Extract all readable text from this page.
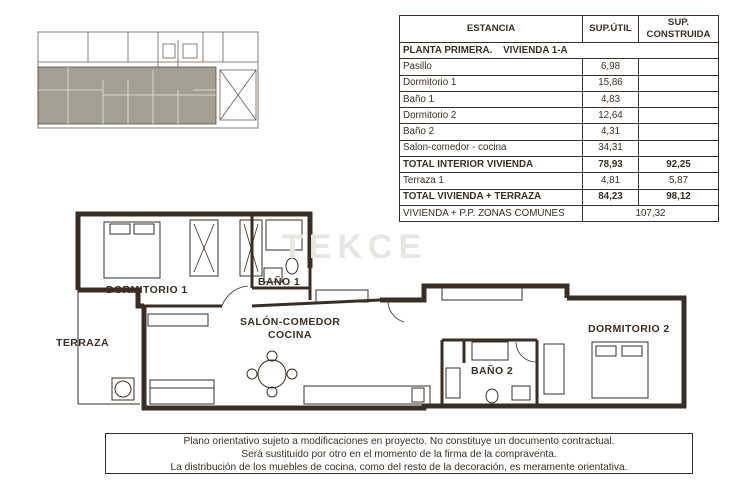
ESTANCIA	SUP.ÚTIL	SUP.
CONSTRUIDA

PLANTA PRIMERA.    VIVIENDA 1-A		
Pasillo	6,98	
Dormitorio 1	15,86	
Baño 1	4,83	
Dormitorio 2	12,64	
Baño 2	4,31	
Salon-comedor - cocina	34,31	
TOTAL INTERIOR VIVIENDA	78,93	92,25
Terraza 1	4,81	5,87
TOTAL VIVIENDA + TERRAZA	84,23	98,12
VIVIENDA + P.P. ZONAS COMUNES	107,32	
TEKCE
DORMITORIO 1
BAÑO 1
SALÓN-COMEDOR
COCINA
TERRAZA
BAÑO 2
DORMITORIO 2
Plano orientativo sujeto a modificaciones en proyecto. No constituye un documento contractual.
Será sustituido por otro en el momento de la firma de la compraventa.
La distribución de los muebles de cocina, como del resto de la decoración, es meramente orientativa.
